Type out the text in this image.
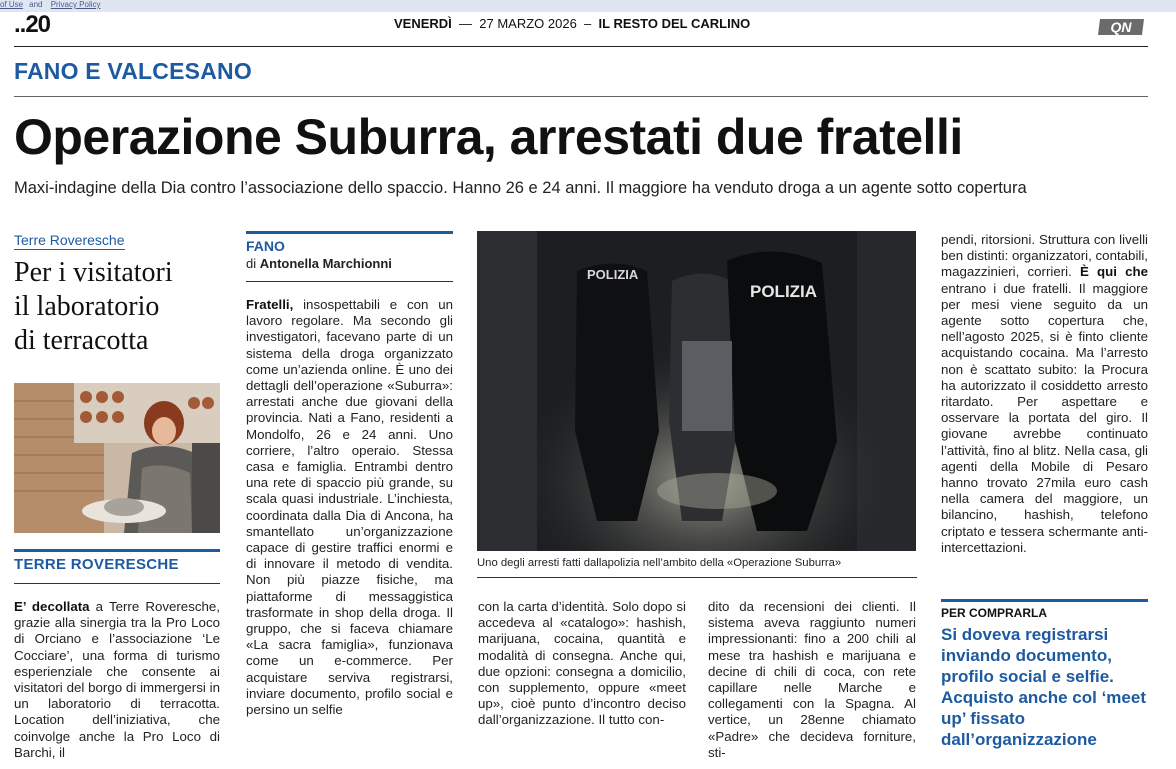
of Use and Privacy Policy
..20	VENERDÌ — 27 MARZO 2026 – IL RESTO DEL CARLINO	QN
FANO E VALCESANO
Operazione Suburra, arrestati due fratelli
Maxi-indagine della Dia contro l’associazione dello spaccio. Hanno 26 e 24 anni. Il maggiore ha venduto droga a un agente sotto copertura
Terre Roveresche
Per i visitatori
il laboratorio
di terracotta
TERRE ROVERESCHE
E’ decollata a Terre Roveresche, grazie alla sinergia tra la Pro Loco di Orciano e l’associazione ‘Le Cocciare’, una forma di turismo esperienziale che consente ai visitatori del borgo di immergersi in un laboratorio di terracotta. Location dell’iniziativa, che coinvolge anche la Pro Loco di Barchi, il
FANO
di Antonella Marchionni
Fratelli, insospettabili e con un lavoro regolare. Ma secondo gli investigatori, facevano parte di un sistema della droga organizzato come un’azienda online. È uno dei dettagli dell’operazione «Suburra»: arrestati anche due giovani della provincia. Nati a Fano, residenti a Mondolfo, 26 e 24 anni. Uno corriere, l’altro operaio. Stessa casa e famiglia. Entrambi dentro una rete di spaccio più grande, su scala quasi industriale. L’inchiesta, coordinata dalla Dia di Ancona, ha smantellato un’organizzazione capace di gestire traffici enormi e di innovare il metodo di vendita. Non più piazze fisiche, ma piattaforme di messaggistica trasformate in shop della droga. Il gruppo, che si faceva chiamare «La sacra famiglia», funzionava come un e-commerce. Per acquistare serviva registrarsi, inviare documento, profilo social e persino un selfie
POLIZIA
POLIZIA
Uno degli arresti fatti dallapolizia nell’ambito della «Operazione Suburra»
con la carta d’identità. Solo dopo si accedeva al «catalogo»: hashish, marijuana, cocaina, quantità e modalità di consegna. Anche qui, due opzioni: consegna a domicilio, con supplemento, oppure «meet up», cioè punto d’incontro deciso dall’organizzazione. Il tutto con-
dito da recensioni dei clienti. Il sistema aveva raggiunto numeri impressionanti: fino a 200 chili al mese tra hashish e marijuana e decine di chili di coca, con rete capillare nelle Marche e collegamenti con la Spagna. Al vertice, un 28enne chiamato «Padre» che decideva forniture, sti-
pendi, ritorsioni. Struttura con livelli ben distinti: organizzatori, contabili, magazzinieri, corrieri. È qui che entrano i due fratelli. Il maggiore per mesi viene seguito da un agente sotto copertura che, nell’agosto 2025, si è finto cliente acquistando cocaina. Ma l’arresto non è scattato subito: la Procura ha autorizzato il cosiddetto arresto ritardato. Per aspettare e osservare la portata del giro. Il giovane avrebbe continuato l’attività, fino al blitz. Nella casa, gli agenti della Mobile di Pesaro hanno trovato 27mila euro cash nella camera del maggiore, un bilancino, hashish, telefono criptato e tessera schermante anti-intercettazioni.
PER COMPRARLA
Si doveva registrarsi inviando documento, profilo social e selfie. Acquisto anche col ‘meet up’ fissato dall’organizzazione
